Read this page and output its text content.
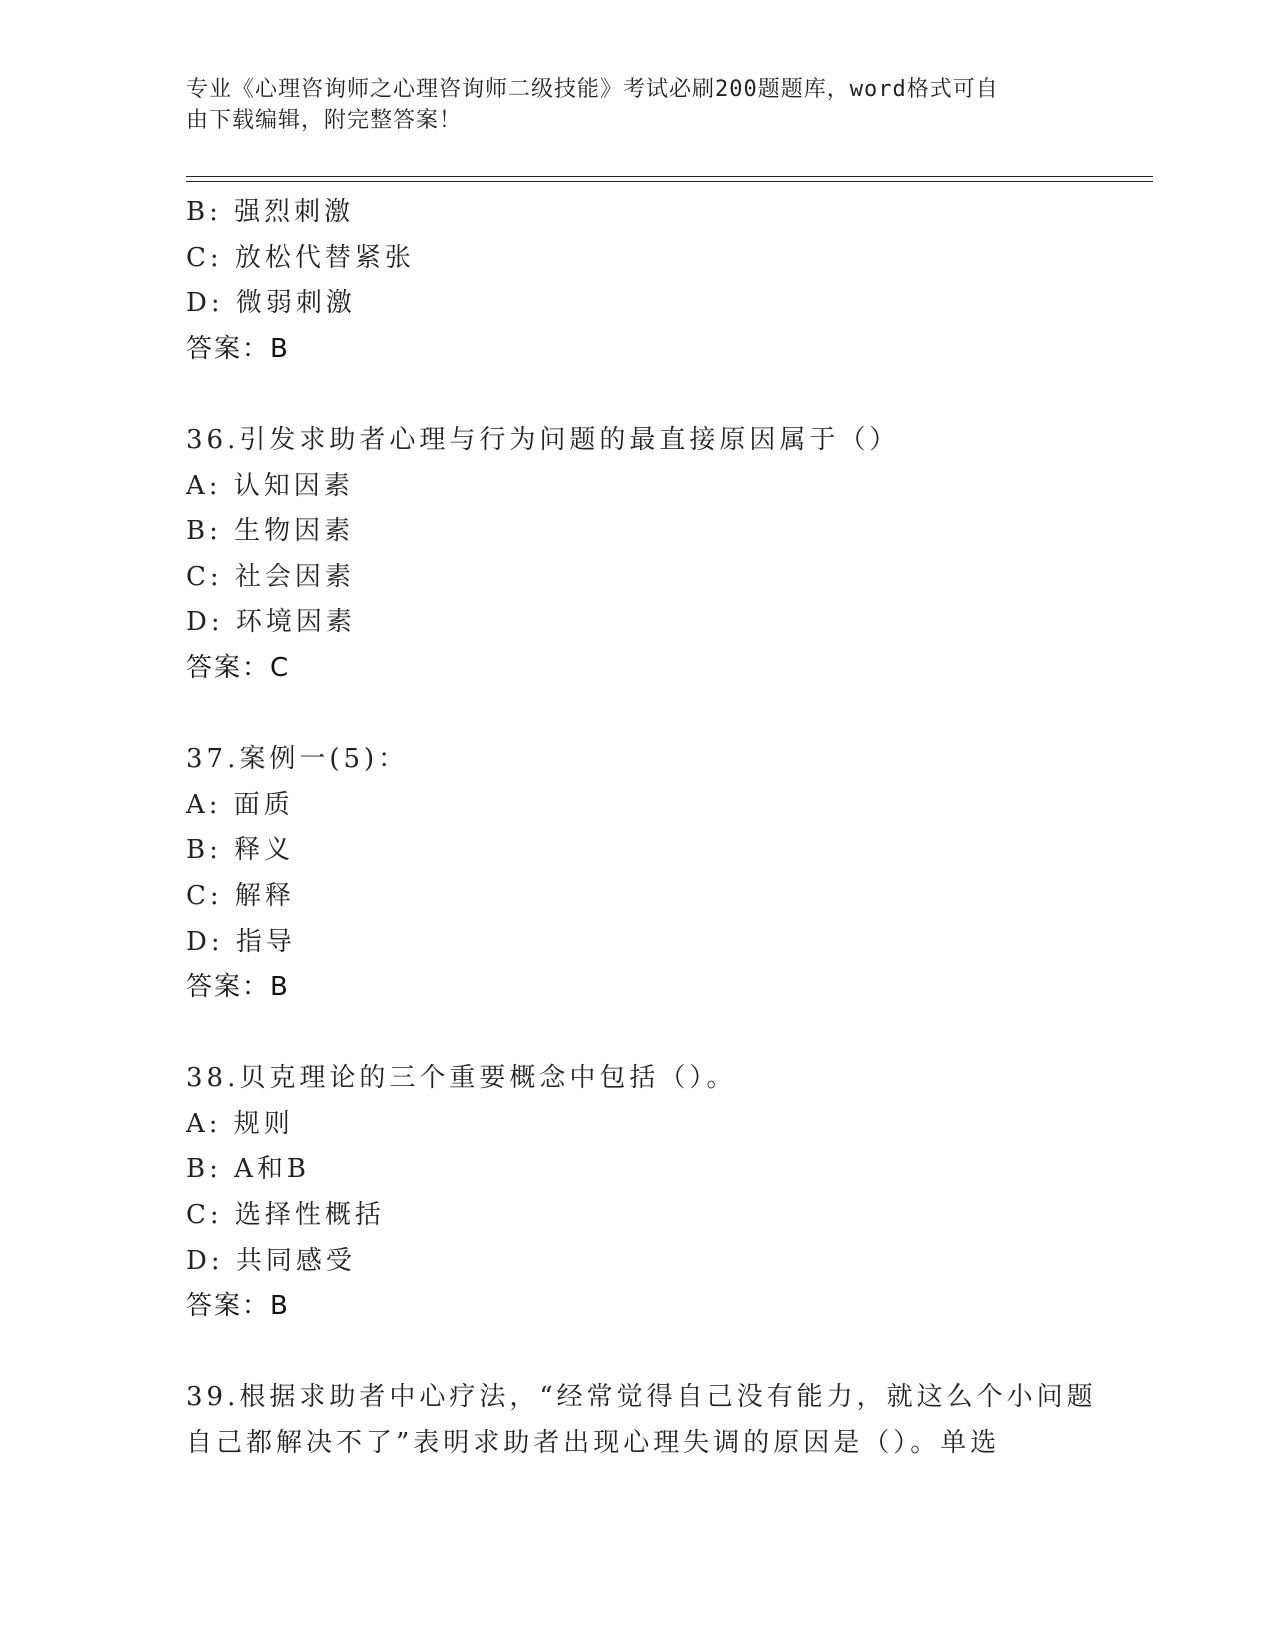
专业《心理咨询师之心理咨询师二级技能》考试必刷200题题库，word格式可自
由下载编辑，附完整答案！
B: 强烈刺激
C: 放松代替紧张
D: 微弱刺激
答案：B
36.引发求助者心理与行为问题的最直接原因属于（）
A: 认知因素
B: 生物因素
C: 社会因素
D: 环境因素
答案：C
37.案例一(5)：
A: 面质
B: 释义
C: 解释
D: 指导
答案：B
38.贝克理论的三个重要概念中包括（）。
A: 规则
B: A和B
C: 选择性概括
D: 共同感受
答案：B
39.根据求助者中心疗法，“经常觉得自己没有能力，就这么个小问题
自己都解决不了”表明求助者出现心理失调的原因是（）。单选
